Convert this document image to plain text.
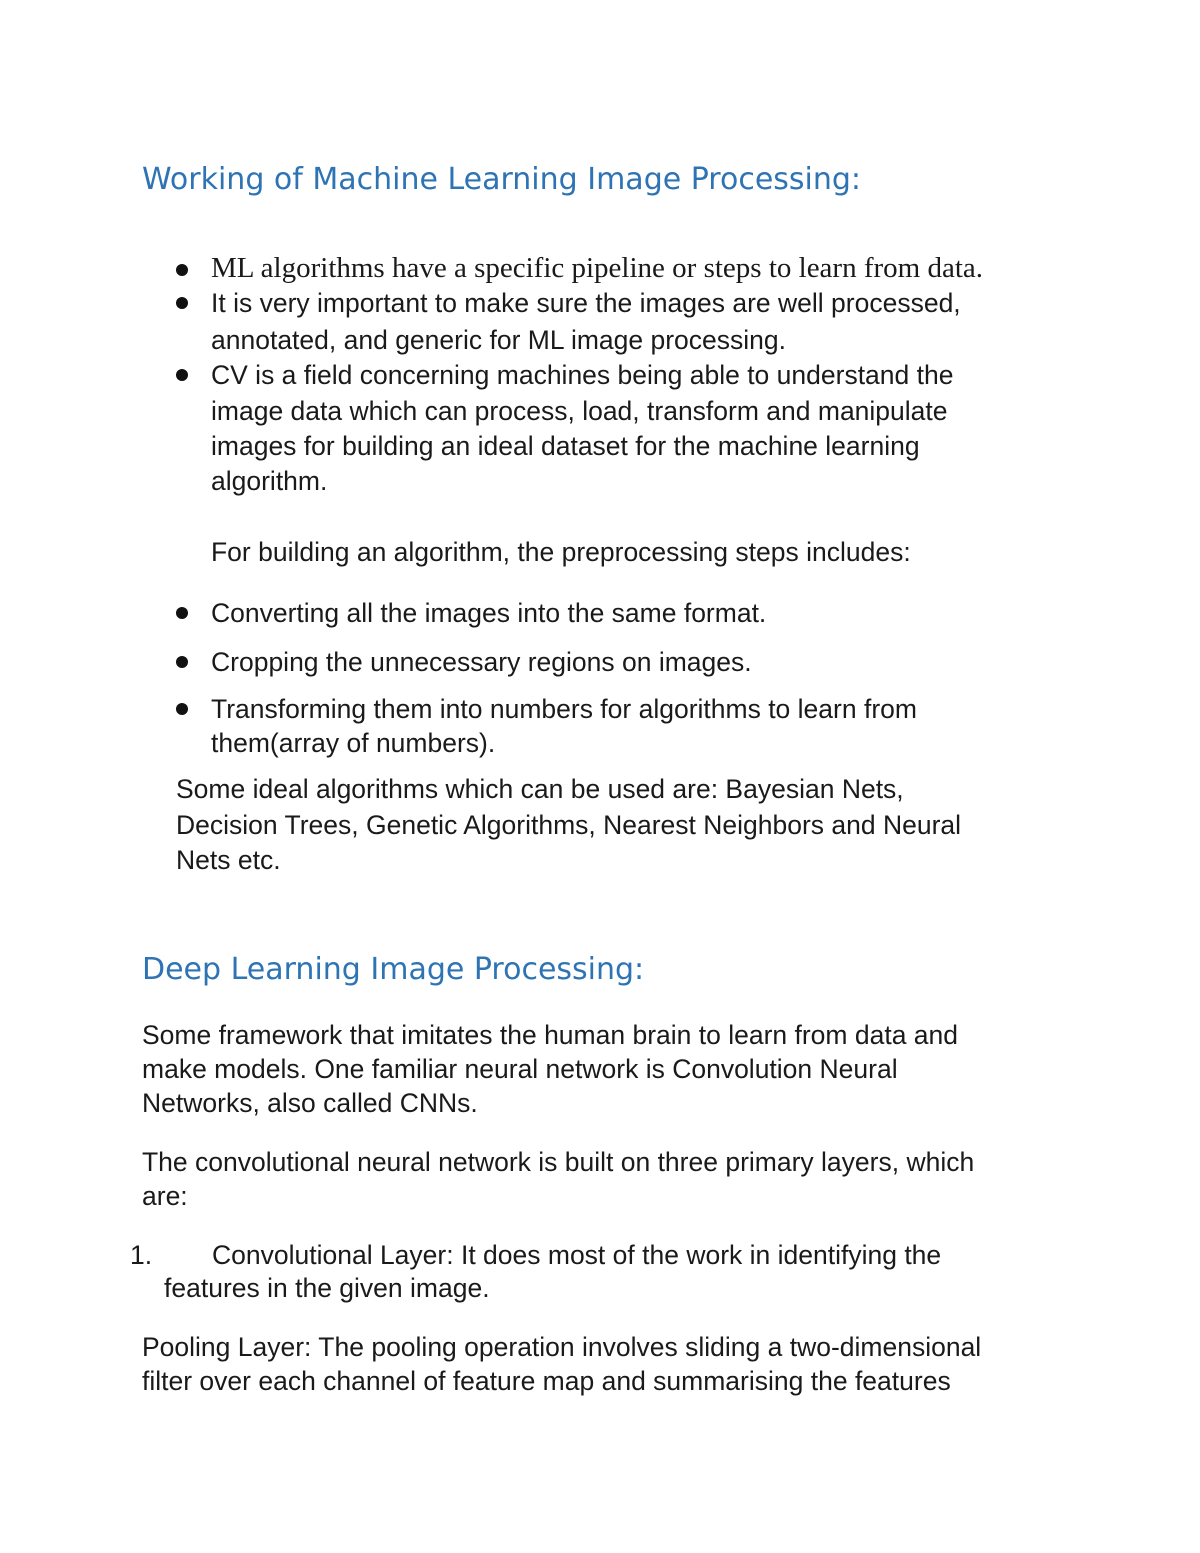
Working of Machine Learning Image Processing:

ML algorithms have a specific pipeline or steps to learn from data.

It is very important to make sure the images are well processed,

annotated, and generic for ML image processing.

CV is a field concerning machines being able to understand the

image data which can process, load, transform and manipulate

images for building an ideal dataset for the machine learning

algorithm.

For building an algorithm, the preprocessing steps includes:

Converting all the images into the same format.

Cropping the unnecessary regions on images.

Transforming them into numbers for algorithms to learn from

them(array of numbers).

Some ideal algorithms which can be used are: Bayesian Nets,

Decision Trees, Genetic Algorithms, Nearest Neighbors and Neural

Nets etc.

Deep Learning Image Processing:

Some framework that imitates the human brain to learn from data and

make models. One familiar neural network is Convolution Neural

Networks, also called CNNs.

The convolutional neural network is built on three primary layers, which

are:

1. Convolutional Layer: It does most of the work in identifying the

features in the given image.

Pooling Layer: The pooling operation involves sliding a two-dimensional

filter over each channel of feature map and summarising the features
